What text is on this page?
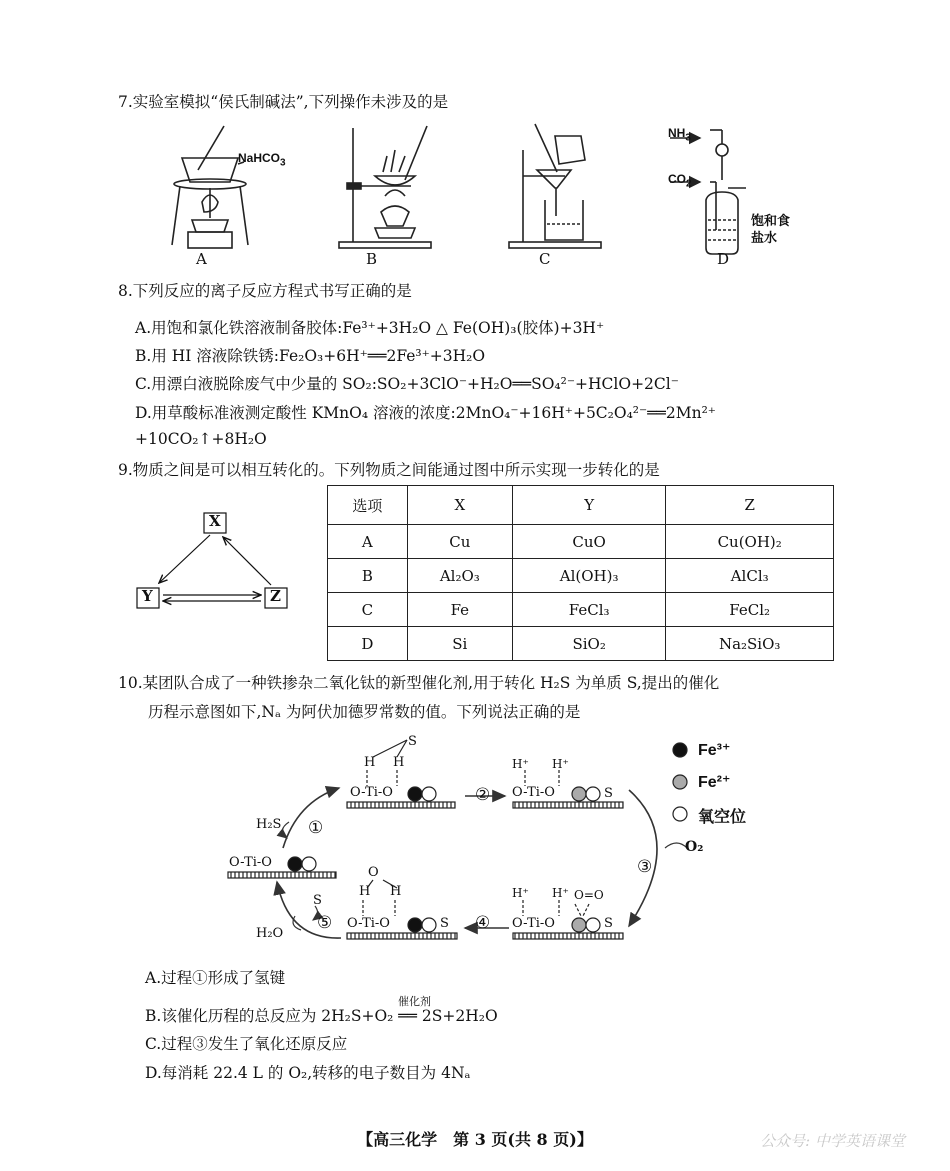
7.实验室模拟“侯氏制碱法”,下列操作未涉及的是
NaHCO$_3$
$NH_3$
$CO_2$
饱和食
盐水
A	B	C	D
8.下列反应的离子反应方程式书写正确的是
A.用饱和氯化铁溶液制备胶体:Fe³⁺+3H₂O △ Fe(OH)₃(胶体)+3H⁺
B.用 HI 溶液除铁锈:Fe₂O₃+6H⁺══2Fe³⁺+3H₂O
C.用漂白液脱除废气中少量的 SO₂:SO₂+3ClO⁻+H₂O══SO₄²⁻+HClO+2Cl⁻
D.用草酸标准液测定酸性 KMnO₄ 溶液的浓度:2MnO₄⁻+16H⁺+5C₂O₄²⁻══2Mn²⁺
+10CO₂↑+8H₂O
9.物质之间是可以相互转化的。下列物质之间能通过图中所示实现一步转化的是
X
Y	Z
选项	X	Y	Z
A	Cu	CuO	Cu(OH)₂
B	Al₂O₃	Al(OH)₃	AlCl₃
C	Fe	FeCl₃	FeCl₂
D	Si	SiO₂	Na₂SiO₃
10.某团队合成了一种铁掺杂二氧化钛的新型催化剂,用于转化 H₂S 为单质 S,提出的催化
历程示意图如下,Nₐ 为阿伏加德罗常数的值。下列说法正确的是
O-Ti-O	O-Ti-O
O-Ti-O
O-Ti-O	O-Ti-O
H H
S
H⁺ H⁺
S
H H
O
S
H⁺ H⁺ O=O
S
H₂S
H₂O
S
O₂
①
②
③
④
⑤
Fe³⁺
Fe²⁺
氧空位
A.过程①形成了氢键
催化剂
B.该催化历程的总反应为 2H₂S+O₂ ══ 2S+2H₂O
C.过程③发生了氧化还原反应
D.每消耗 22.4 L 的 O₂,转移的电子数目为 4Nₐ
【高三化学　第 3 页(共 8 页)】	公众号: 中学英语课堂
